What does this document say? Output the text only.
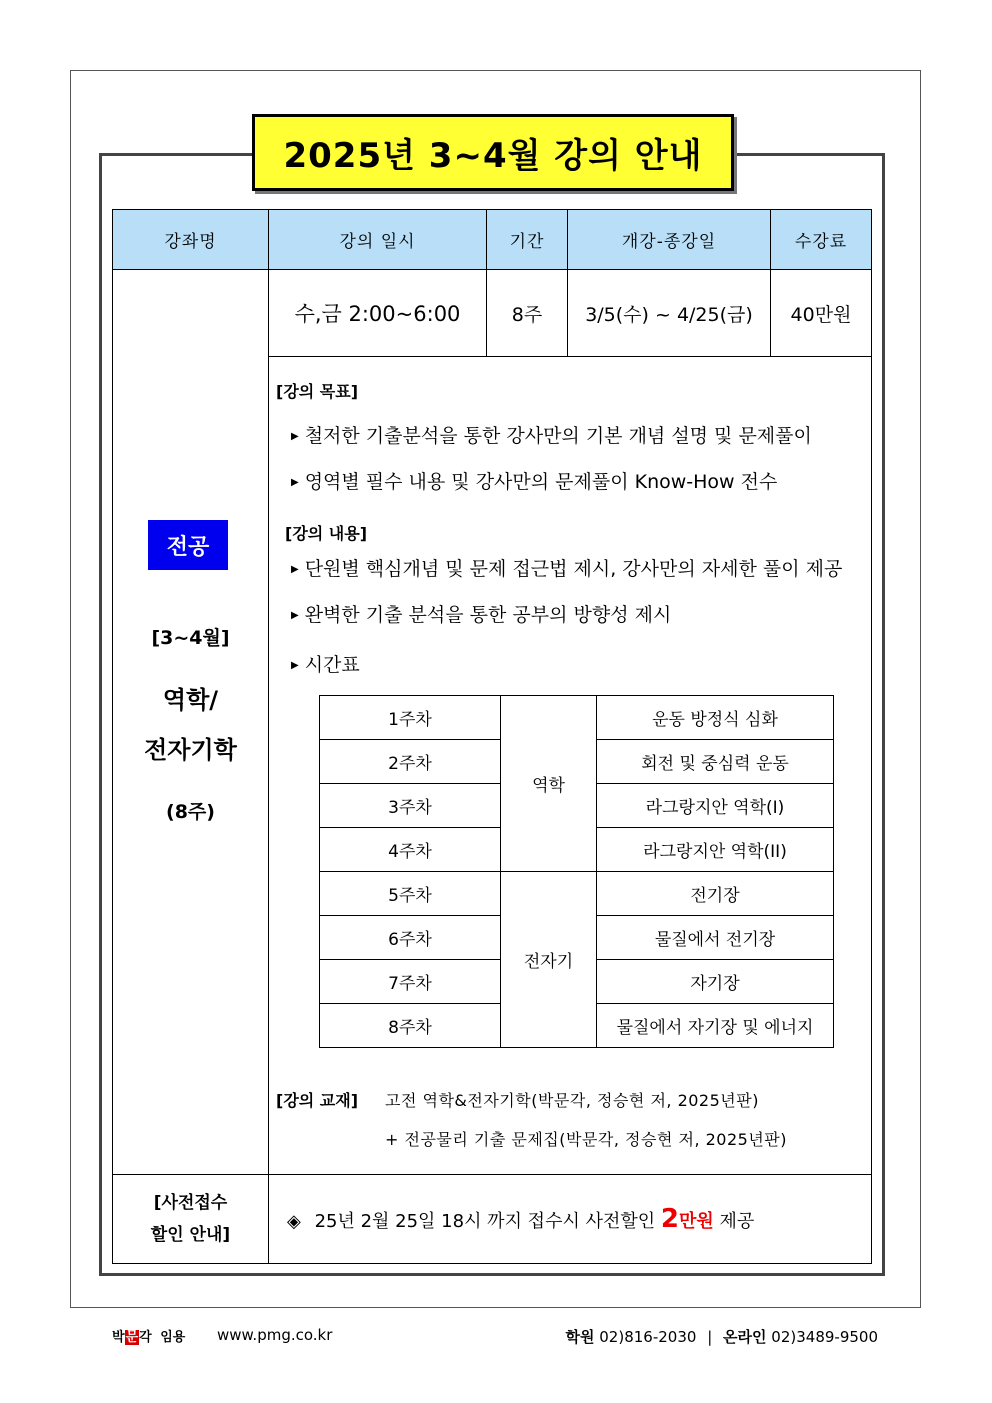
2025년 3~4월 강의 안내
강좌명	강의 일시	기간	개강-종강일	수강료

전공
[3~4월]
역학/
전자기학
(8주)
	수,금 2:00~6:00	8주	3/5(수) ~ 4/25(금)	40만원

[강의 목표]
▶ 철저한 기출분석을 통한 강사만의 기본 개념 설명 및 문제풀이
▶ 영역별 필수 내용 및 강사만의 문제풀이 Know-How 전수
[강의 내용]
▶ 단원별 핵심개념 및 문제 접근법 제시, 강사만의 자세한 풀이 제공
▶ 완벽한 기출 분석을 통한 공부의 방향성 제시
▶ 시간표
1주차	역학	운동 방정식 심화
2주차	회전 및 중심력 운동
3주차	라그랑지안 역학(I)
4주차	라그랑지안 역학(II)
5주차	전자기	전기장
6주차	물질에서 전기장
7주차	자기장
8주차	물질에서 자기장 및 에너지
[강의 교재] 고전 역학&전자기학(박문각, 정승현 저, 2025년판)
+ 전공물리 기출 문제집(박문각, 정승현 저, 2025년판)

[사전접수
할인 안내]
	◈ 25년 2월 25일 18시 까지 접수시 사전할인 2만원 제공
박문각 임용 www.pmg.co.kr	학원 02)816-2030 | 온라인 02)3489-9500
